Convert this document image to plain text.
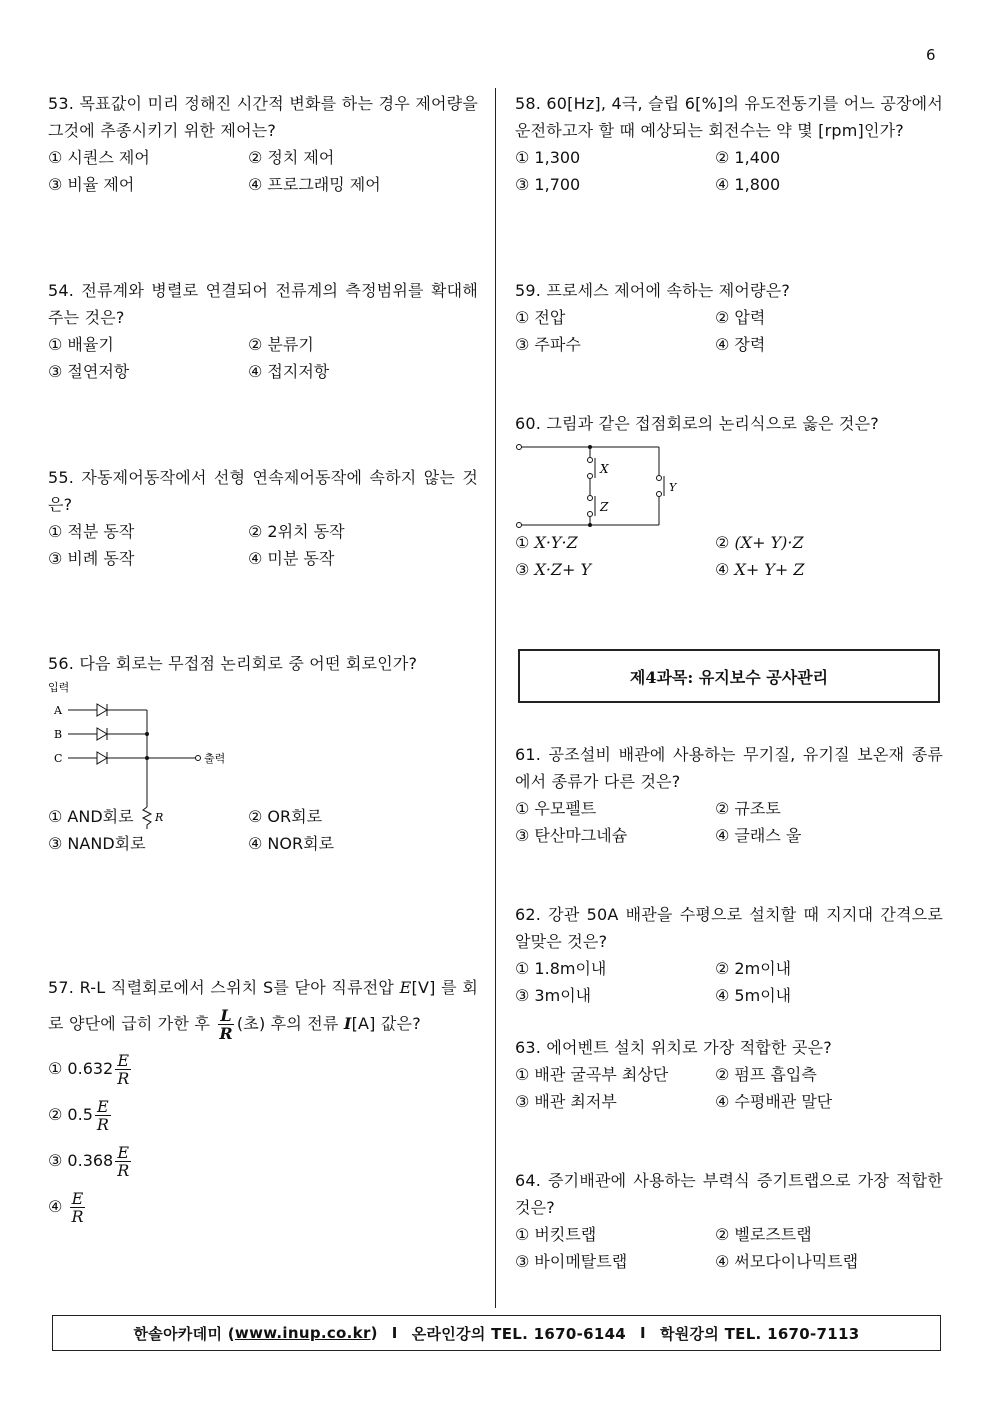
6
53. 목표값이 미리 정해진 시간적 변화를 하는 경우 제어량을 그것에 추종시키기 위한 제어는?
① 시퀀스 제어	② 정치 제어
③ 비율 제어	④ 프로그래밍 제어
54. 전류계와 병렬로 연결되어 전류계의 측정범위를 확대해 주는 것은?
① 배율기	② 분류기
③ 절연저항	④ 접지저항
55. 자동제어동작에서 선형 연속제어동작에 속하지 않는 것은?
① 적분 동작	② 2위치 동작
③ 비례 동작	④ 미분 동작
56. 다음 회로는 무접점 논리회로 중 어떤 회로인가?
입력
A
B
C	출력
R
① AND회로	② OR회로
③ NAND회로	④ NOR회로
57. R-L 직렬회로에서 스위치 S를 닫아 직류전압 E[V] 를 회로 양단에 급히 가한 후 $\frac{L}{R}$ (초) 후의 전류 I[A] 값은?
① $0.632 \frac{E}{R}$
② $0.5 \frac{E}{R}$
③ $0.368 \frac{E}{R}$
④ $\frac{E}{R}$
58. 60[Hz], 4극, 슬립 6[%]의 유도전동기를 어느 공장에서 운전하고자 할 때 예상되는 회전수는 약 몇 [rpm]인가?
① 1,300	② 1,400
③ 1,700	④ 1,800
59. 프로세스 제어에 속하는 제어량은?
① 전압	② 압력
③ 주파수	④ 장력
60. 그림과 같은 접점회로의 논리식으로 옳은 것은?
X
Z
Y
① X·Y·Z	② (X+ Y)·Z
③ X·Z+ Y	④ X+ Y+ Z
제4과목: 유지보수 공사관리
61. 공조설비 배관에 사용하는 무기질, 유기질 보온재 종류에서 종류가 다른 것은?
① 우모펠트	② 규조토
③ 탄산마그네슘	④ 글래스 울
62. 강관 50A 배관을 수평으로 설치할 때 지지대 간격으로 알맞은 것은?
① 1.8m이내	② 2m이내
③ 3m이내	④ 5m이내
63. 에어벤트 설치 위치로 가장 적합한 곳은?
① 배관 굴곡부 최상단	② 펌프 흡입측
③ 배관 최저부	④ 수평배관 말단
64. 증기배관에 사용하는 부력식 증기트랩으로 가장 적합한 것은?
① 버킷트랩	② 벨로즈트랩
③ 바이메탈트랩	④ 써모다이나믹트랩
한솔아카데미 ( www.inup.co.kr ) I 온라인강의 TEL. 1670-6144 I 학원강의 TEL. 1670-7113
